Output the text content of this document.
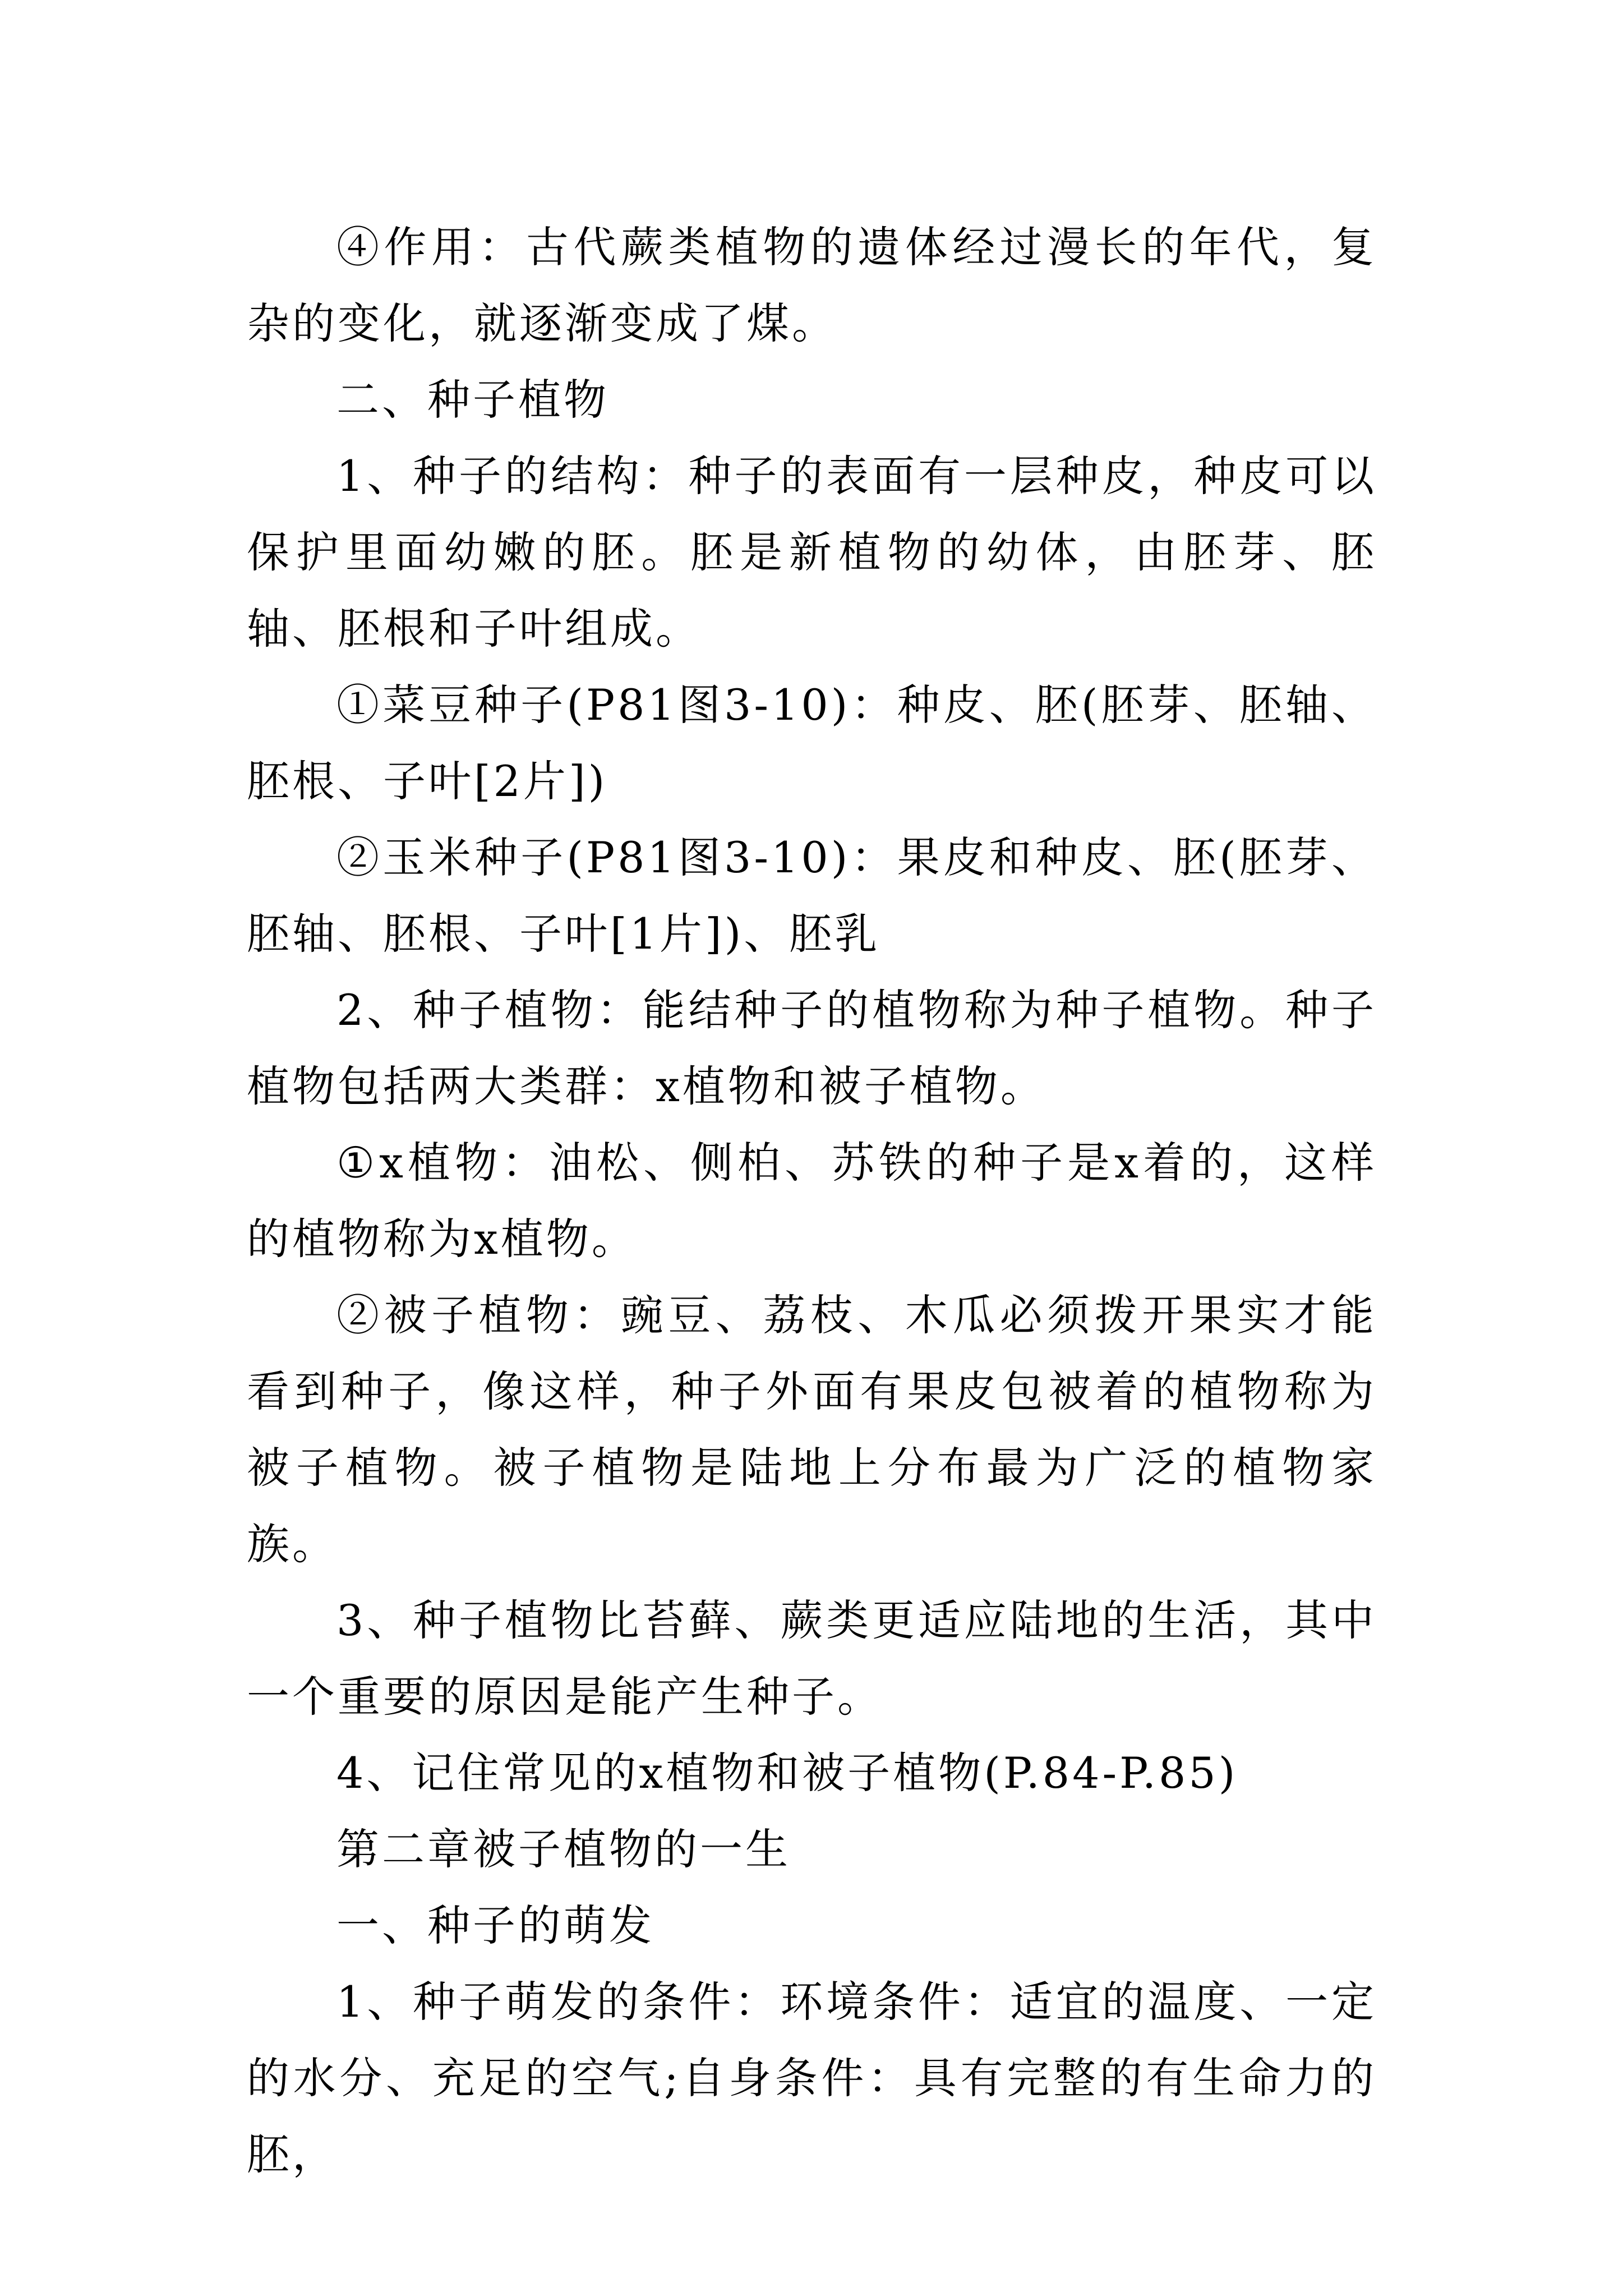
④作用：古代蕨类植物的遗体经过漫长的年代，复杂的变化，就逐渐变成了煤。

二、种子植物

1、种子的结构：种子的表面有一层种皮，种皮可以保护里面幼嫩的胚。胚是新植物的幼体，由胚芽、胚轴、胚根和子叶组成。

①菜豆种子(P81图3-10)：种皮、胚(胚芽、胚轴、胚根、子叶[2片])

②玉米种子(P81图3-10)：果皮和种皮、胚(胚芽、胚轴、胚根、子叶[1片])、胚乳

2、种子植物：能结种子的植物称为种子植物。种子植物包括两大类群：x植物和被子植物。

①x植物：油松、侧柏、苏铁的种子是x着的，这样的植物称为x植物。

②被子植物：豌豆、荔枝、木瓜必须拨开果实才能看到种子，像这样，种子外面有果皮包被着的植物称为被子植物。被子植物是陆地上分布最为广泛的植物家族。

3、种子植物比苔藓、蕨类更适应陆地的生活，其中一个重要的原因是能产生种子。

4、记住常见的x植物和被子植物(P.84-P.85)

第二章被子植物的一生

一、种子的萌发

1、种子萌发的条件：环境条件：适宜的温度、一定的水分、充足的空气;自身条件：具有完整的有生命力的胚，
